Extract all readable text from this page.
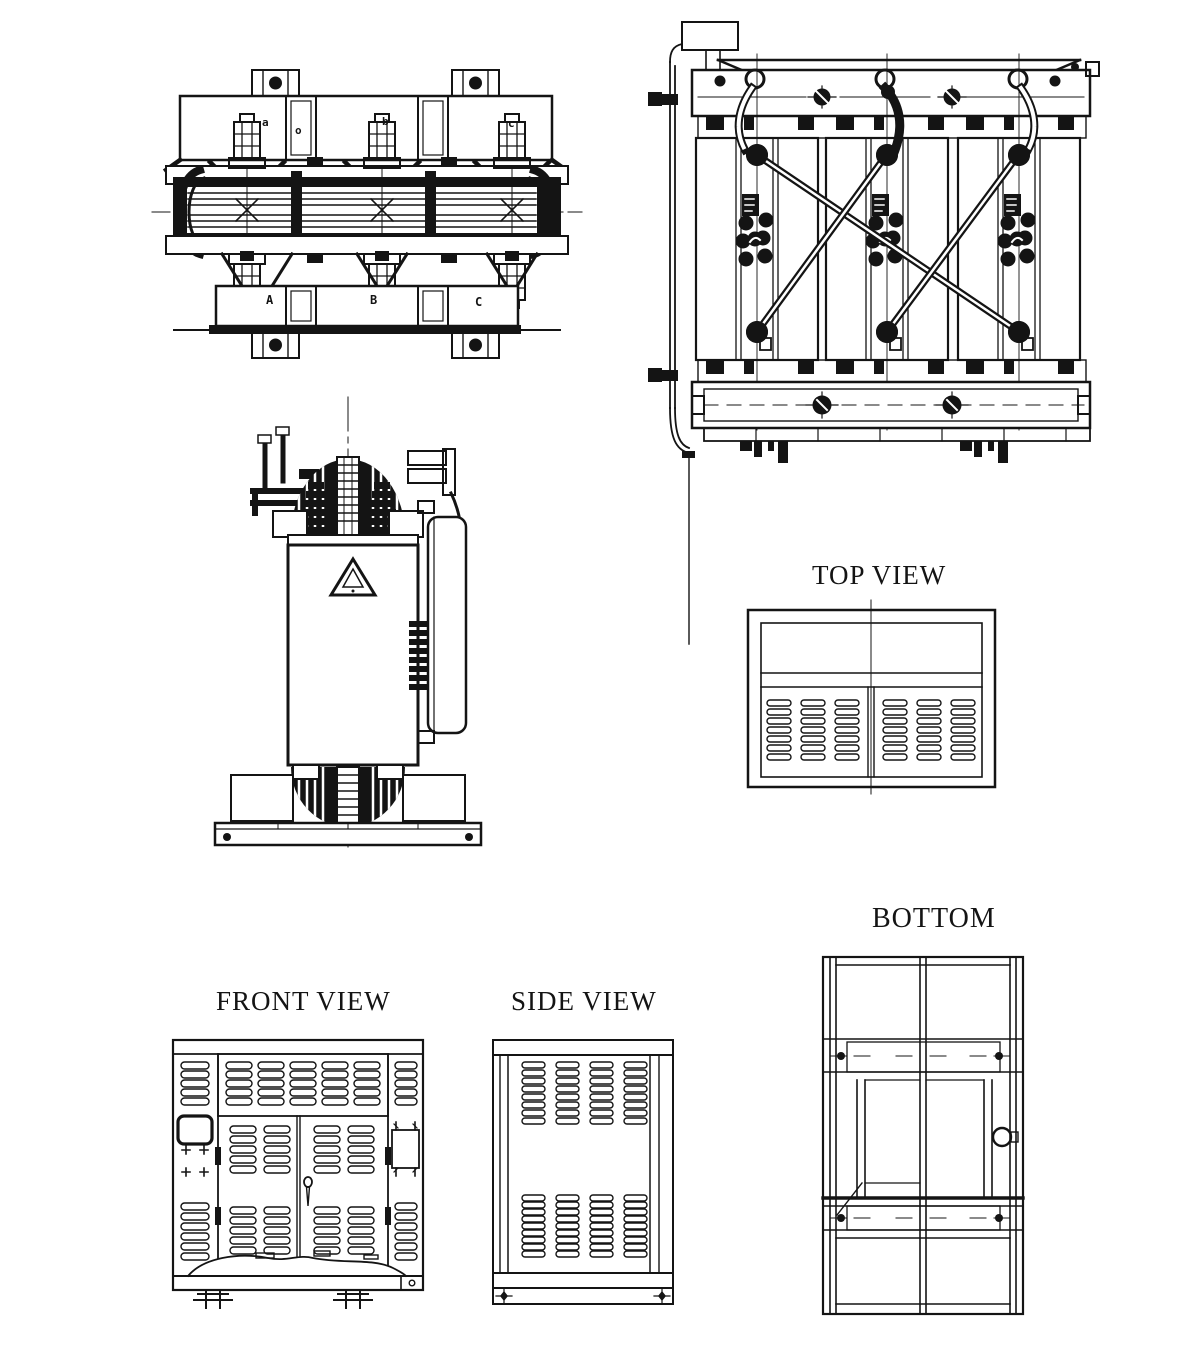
a
o
b	c
A	B	C
TOP VIEW
BOTTOM
FRONT VIEW	SIDE VIEW
